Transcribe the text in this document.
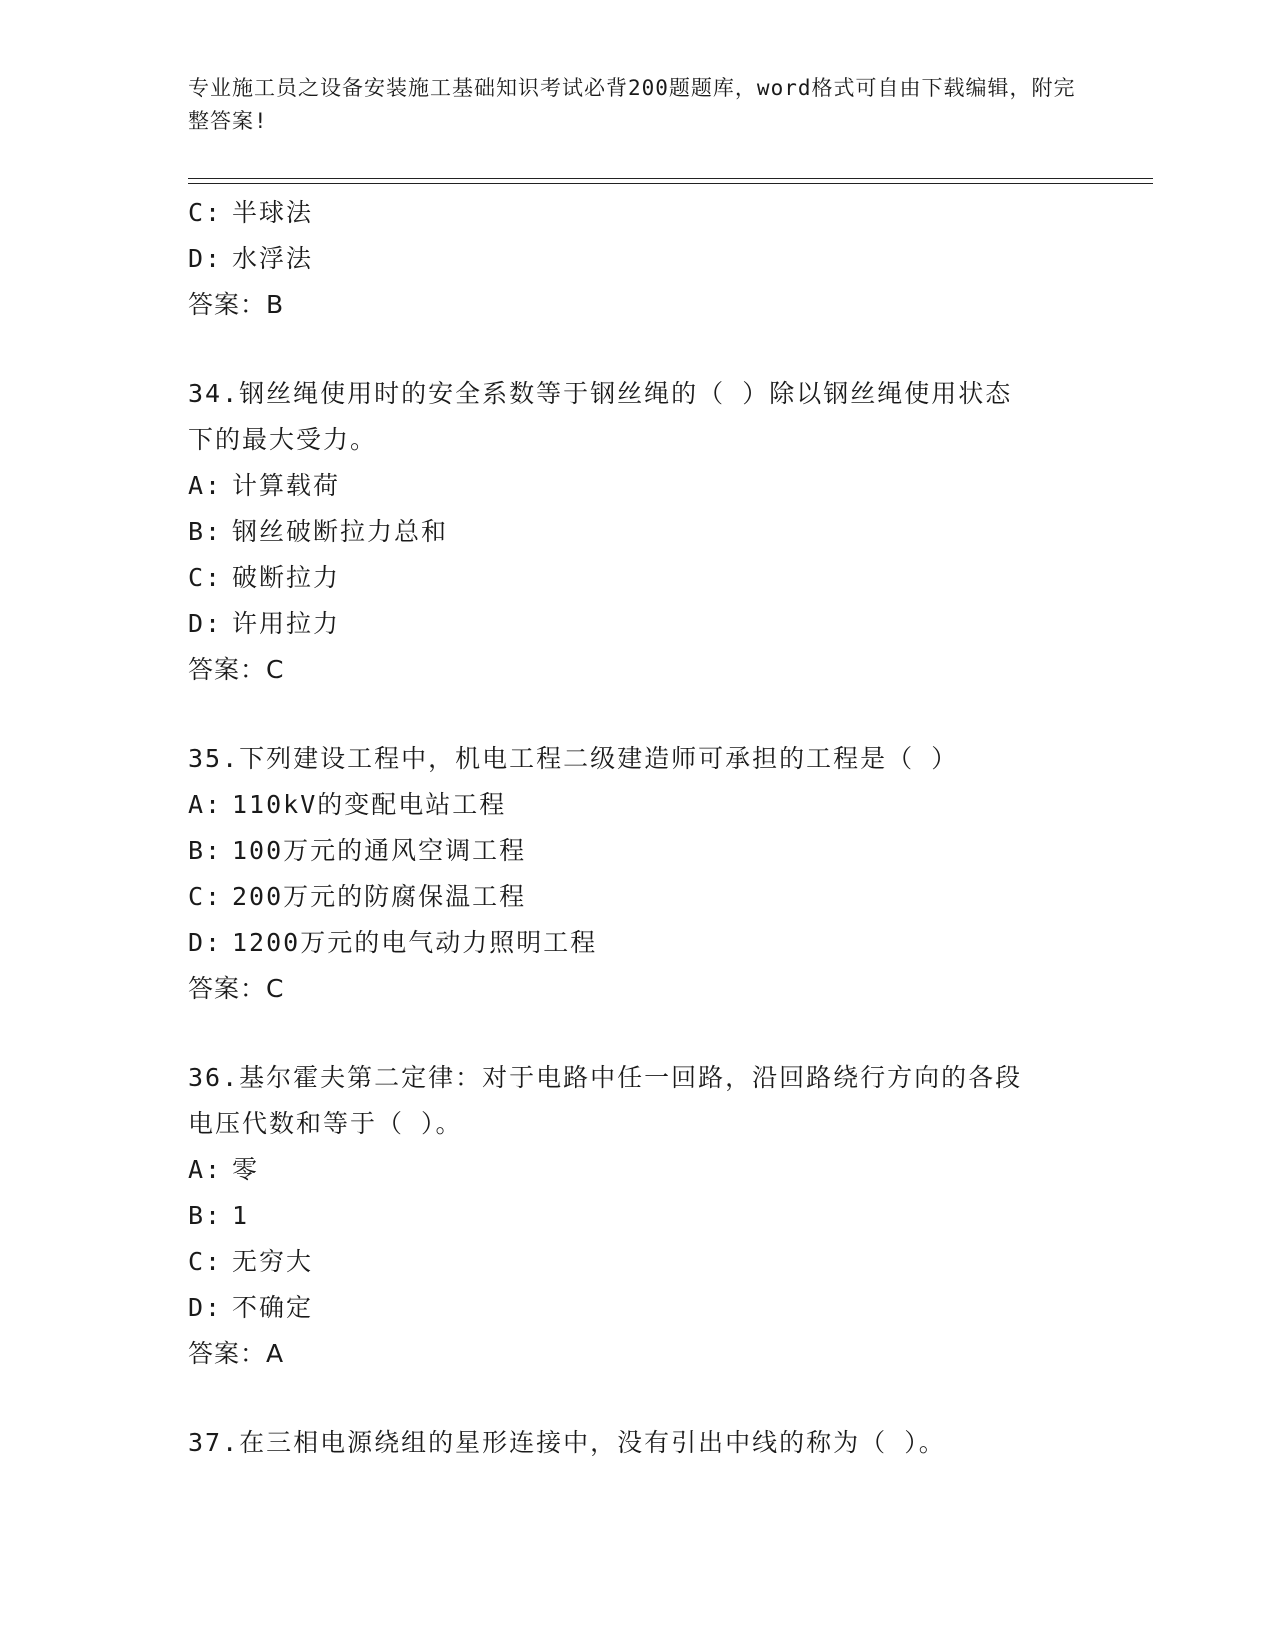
专业施工员之设备安装施工基础知识考试必背200题题库，word格式可自由下载编辑，附完整答案!
C: 半球法
D: 水浮法
答案：B
34.钢丝绳使用时的安全系数等于钢丝绳的（ ）除以钢丝绳使用状态
下的最大受力。
A: 计算载荷
B: 钢丝破断拉力总和
C: 破断拉力
D: 许用拉力
答案：C
35.下列建设工程中，机电工程二级建造师可承担的工程是（ ）
A: 110kV的变配电站工程
B: 100万元的通风空调工程
C: 200万元的防腐保温工程
D: 1200万元的电气动力照明工程
答案：C
36.基尔霍夫第二定律：对于电路中任一回路，沿回路绕行方向的各段
电压代数和等于（ ）。
A: 零
B: 1
C: 无穷大
D: 不确定
答案：A
37.在三相电源绕组的星形连接中，没有引出中线的称为（ ）。
